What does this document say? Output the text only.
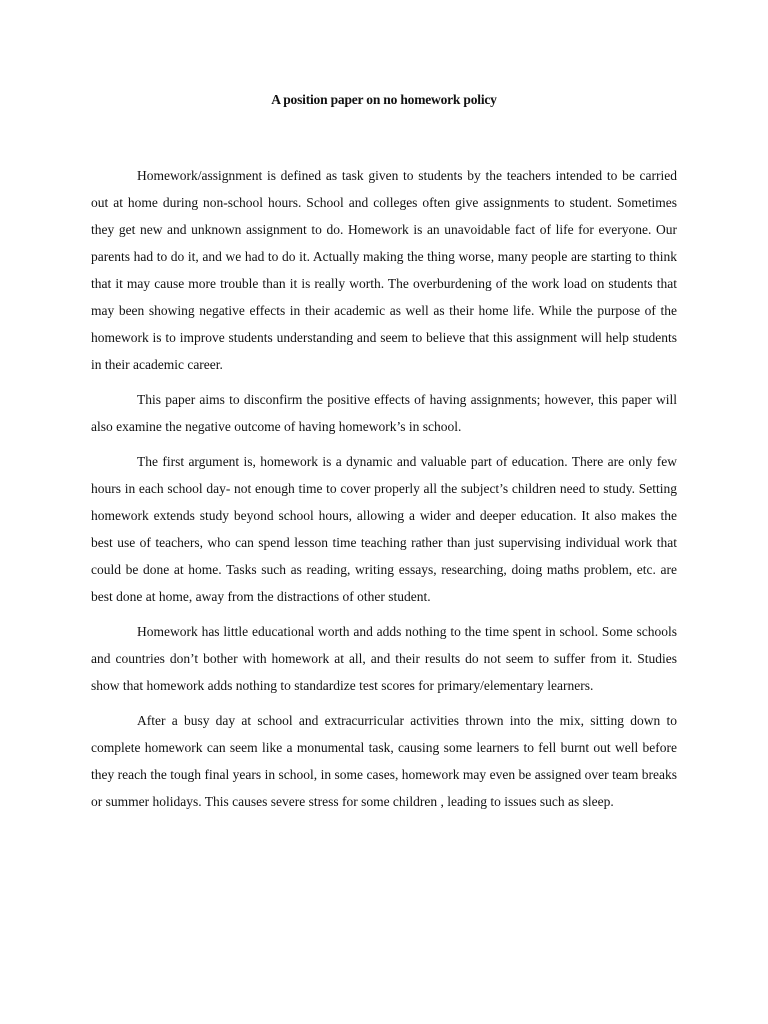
A position paper on no homework policy

Homework/assignment is defined as task given to students by the teachers intended to be carried out at home during non-school hours. School and colleges often give assignments to student. Sometimes they get new and unknown assignment to do. Homework is an unavoidable fact of life for everyone. Our parents had to do it, and we had to do it. Actually making the thing worse, many people are starting to think that it may cause more trouble than it is really worth. The overburdening of the work load on students that may been showing negative effects in their academic as well as their home life. While the purpose of the homework is to improve students understanding and seem to believe that this assignment will help students in their academic career.

This paper aims to disconfirm the positive effects of having assignments; however, this paper will also examine the negative outcome of having homework’s in school.

The first argument is, homework is a dynamic and valuable part of education. There are only few hours in each school day- not enough time to cover properly all the subject’s children need to study. Setting homework extends study beyond school hours, allowing a wider and deeper education. It also makes the best use of teachers, who can spend lesson time teaching rather than just supervising individual work that could be done at home. Tasks such as reading, writing essays, researching, doing maths problem, etc. are best done at home, away from the distractions of other student.

Homework has little educational worth and adds nothing to the time spent in school. Some schools and countries don’t bother with homework at all, and their results do not seem to suffer from it. Studies show that homework adds nothing to standardize test scores for primary/elementary learners.

After a busy day at school and extracurricular activities thrown into the mix, sitting down to complete homework can seem like a monumental task, causing some learners to fell burnt out well before they reach the tough final years in school, in some cases, homework may even be assigned over team breaks or summer holidays. This causes severe stress for some children , leading to issues such as sleep.
